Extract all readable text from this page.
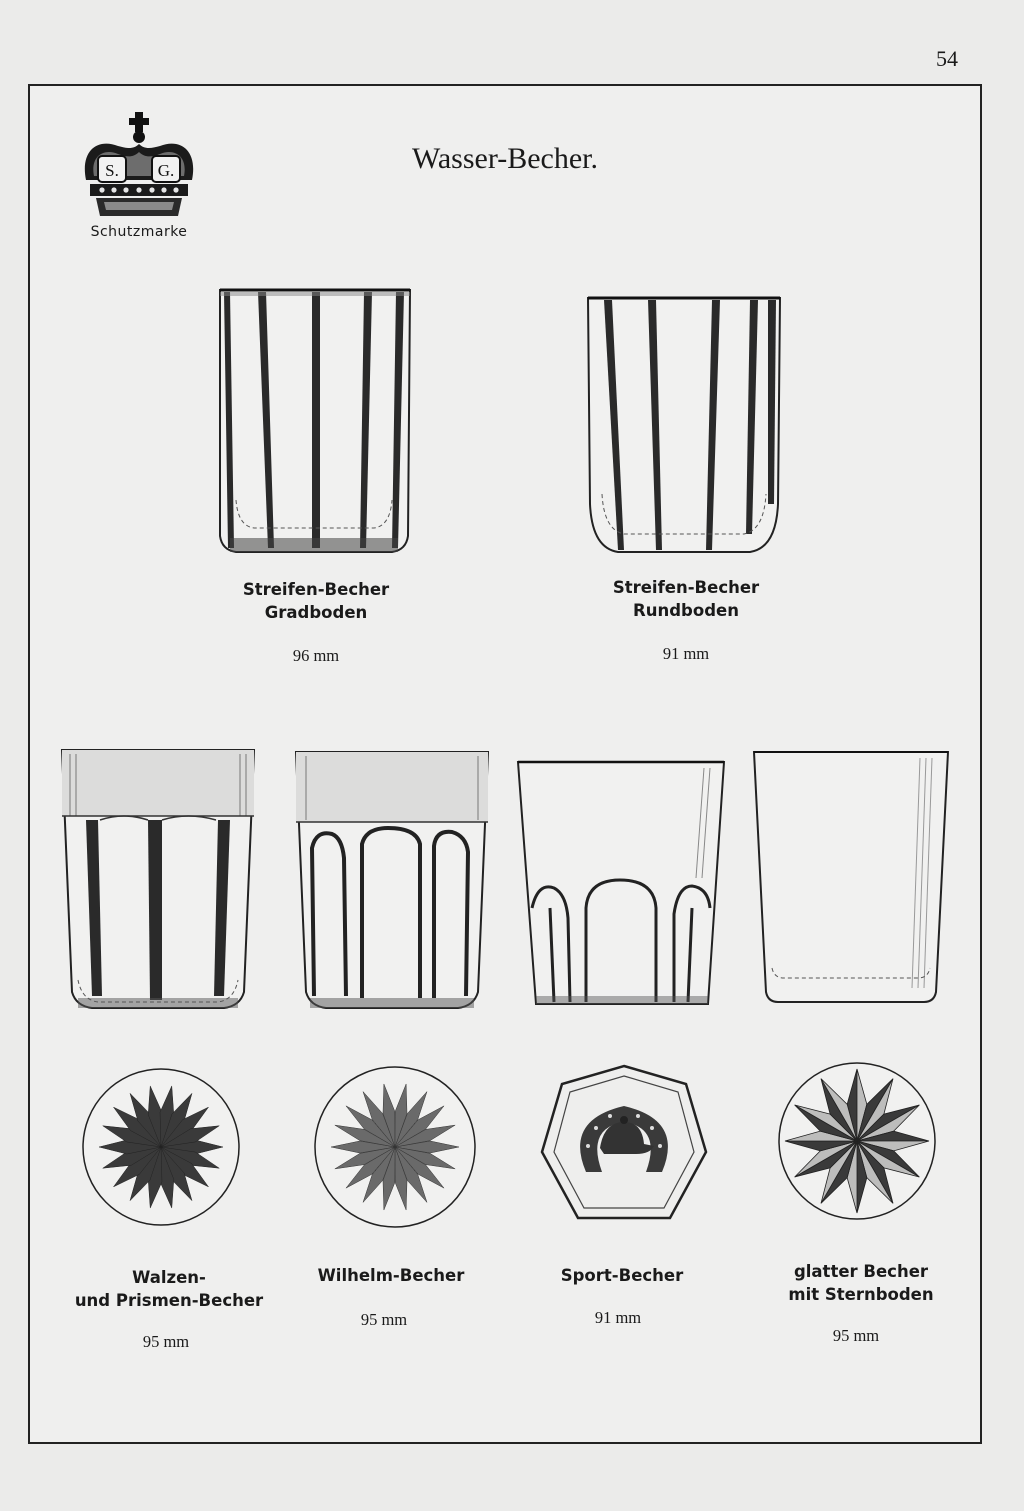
54
S. G.
Schutzmarke
Wasser-Becher.
Streifen-Becher
Gradboden
96 mm
Streifen-Becher
Rundboden
91 mm
Walzen-
und Prismen-Becher
95 mm
Wilhelm-Becher
95 mm
Sport-Becher
91 mm
glatter Becher
mit Sternboden
95 mm
